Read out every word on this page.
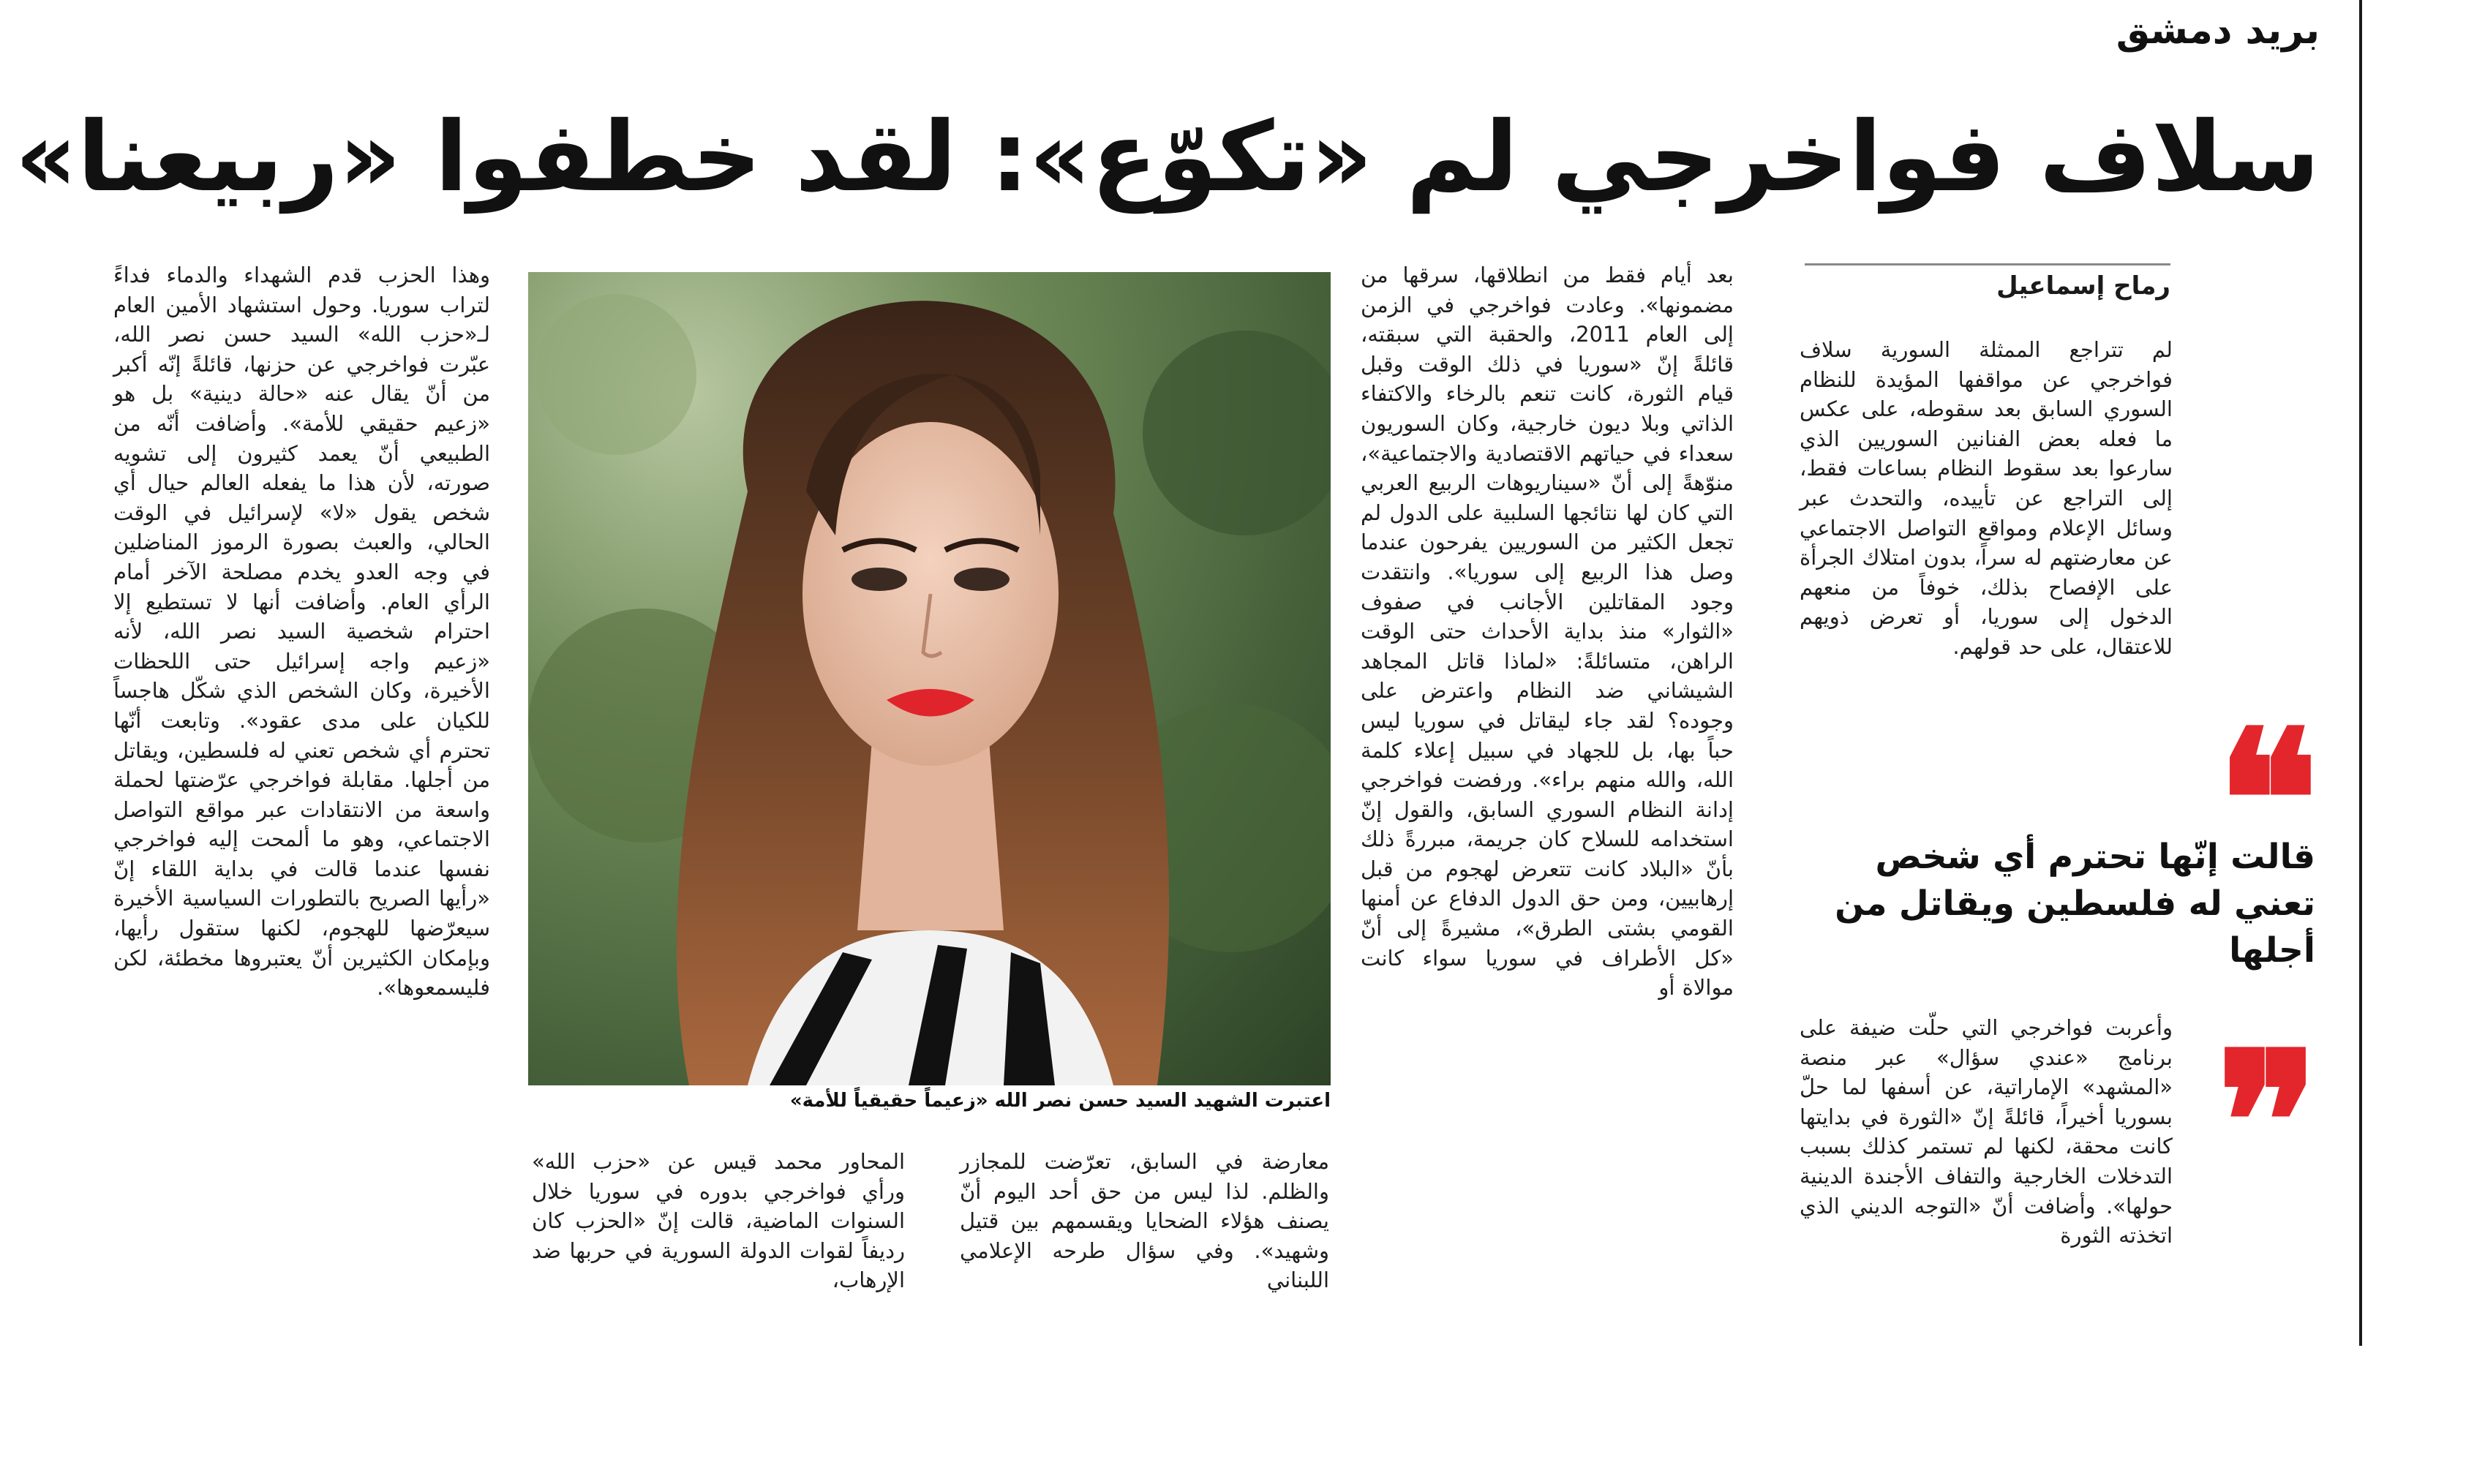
بريد دمشق
سلاف فواخرجي لم «تكوّع»: لقد خطفوا «ربيعنا»
رماح إسماعيل
لم تتراجع الممثلة السورية سلاف فواخرجي عن مواقفها المؤيدة للنظام السوري السابق بعد سقوطه، على عكس ما فعله بعض الفنانين السوريين الذي سارعوا بعد سقوط النظام بساعات فقط، إلى التراجع عن تأييده، والتحدث عبر وسائل الإعلام ومواقع التواصل الاجتماعي عن معارضتهم له سراً، بدون امتلاك الجرأة على الإفصاح بذلك، خوفاً من منعهم الدخول إلى سوريا، أو تعرض ذويهم للاعتقال، على حد قولهم.
❝
قالت إنّها تحترم أي شخص تعني له فلسطين ويقاتل من أجلها
❞
وأعربت فواخرجي التي حلّت ضيفة على برنامج «عندي سؤال» عبر منصة «المشهد» الإماراتية، عن أسفها لما حلّ بسوريا أخيراً، قائلةً إنّ «الثورة في بدايتها كانت محقة، لكنها لم تستمر كذلك بسبب التدخلات الخارجية والتفاف الأجندة الدينية حولها». وأضافت أنّ «التوجه الديني الذي اتخذته الثورة
بعد أيام فقط من انطلاقها، سرقها من مضمونها». وعادت فواخرجي في الزمن إلى العام 2011، والحقبة التي سبقته، قائلةً إنّ «سوريا في ذلك الوقت وقبل قيام الثورة، كانت تنعم بالرخاء والاكتفاء الذاتي وبلا ديون خارجية، وكان السوريون سعداء في حياتهم الاقتصادية والاجتماعية»، منوّهةً إلى أنّ «سيناريوهات الربيع العربي التي كان لها نتائجها السلبية على الدول لم تجعل الكثير من السوريين يفرحون عندما وصل هذا الربيع إلى سوريا». وانتقدت وجود المقاتلين الأجانب في صفوف «الثوار» منذ بداية الأحداث حتى الوقت الراهن، متسائلةً: «لماذا قاتل المجاهد الشيشاني ضد النظام واعترض على وجوده؟ لقد جاء ليقاتل في سوريا ليس حباً بها، بل للجهاد في سبيل إعلاء كلمة الله، والله منهم براء». ورفضت فواخرجي إدانة النظام السوري السابق، والقول إنّ استخدامه للسلاح كان جريمة، مبررةً ذلك بأنّ «البلاد كانت تتعرض لهجوم من قبل إرهابيين، ومن حق الدول الدفاع عن أمنها القومي بشتى الطرق»، مشيرةً إلى أنّ «كل الأطراف في سوريا سواء كانت موالاة أو
اعتبرت الشهيد السيد حسن نصر الله «زعيماً حقيقياً للأمة»
معارضة في السابق، تعرّضت للمجازر والظلم. لذا ليس من حق أحد اليوم أنّ يصنف هؤلاء الضحايا ويقسمهم بين قتيل وشهيد». وفي سؤال طرحه الإعلامي اللبناني
المحاور محمد قيس عن «حزب الله» ورأي فواخرجي بدوره في سوريا خلال السنوات الماضية، قالت إنّ «الحزب كان رديفاً لقوات الدولة السورية في حربها ضد الإرهاب،
وهذا الحزب قدم الشهداء والدماء فداءً لتراب سوريا. وحول استشهاد الأمين العام لـ«حزب الله» السيد حسن نصر الله، عبّرت فواخرجي عن حزنها، قائلةً إنّه أكبر من أنّ يقال عنه «حالة دينية» بل هو «زعيم حقيقي للأمة». وأضافت أنّه من الطبيعي أنّ يعمد كثيرون إلى تشويه صورته، لأن هذا ما يفعله العالم حيال أي شخص يقول «لا» لإسرائيل في الوقت الحالي، والعبث بصورة الرموز المناضلين في وجه العدو يخدم مصلحة الآخر أمام الرأي العام. وأضافت أنها لا تستطيع إلا احترام شخصية السيد نصر الله، لأنه «زعيم واجه إسرائيل حتى اللحظات الأخيرة، وكان الشخص الذي شكّل هاجساً للكيان على مدى عقود». وتابعت أنّها تحترم أي شخص تعني له فلسطين، ويقاتل من أجلها. مقابلة فواخرجي عرّضتها لحملة واسعة من الانتقادات عبر مواقع التواصل الاجتماعي، وهو ما ألمحت إليه فواخرجي نفسها عندما قالت في بداية اللقاء إنّ «رأيها الصريح بالتطورات السياسية الأخيرة سيعرّضها للهجوم، لكنها ستقول رأيها، وبإمكان الكثيرين أنّ يعتبروها مخطئة، لكن فليسمعوها».
